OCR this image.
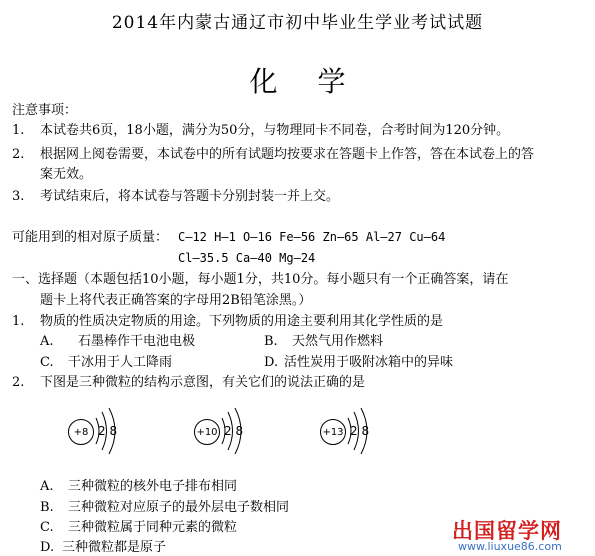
2014年内蒙古通辽市初中毕业生学业考试试题
化学
注意事项：
1. 本试卷共6页，18小题，满分为50分，与物理同卡不同卷，合考时间为120分钟。
2. 根据网上阅卷需要，本试卷中的所有试题均按要求在答题卡上作答，答在本试卷上的答
案无效。
3. 考试结束后，将本试卷与答题卡分别封装一并上交。
可能用到的相对原子质量： C—12 H—1 O—16 Fe—56 Zn—65 Al—27 Cu—64
Cl—35.5 Ca—40 Mg—24
一、选择题（本题包括10小题，每小题1分，共10分。每小题只有一个正确答案，请在
题卡上将代表正确答案的字母用2B铅笔涂黑。）
1. 物质的性质决定物质的用途。下列物质的用途主要利用其化学性质的是
A. 石墨棒作干电池电极	B. 天然气用作燃料
C. 干冰用于人工降雨	D. 活性炭用于吸附冰箱中的异味
2. 下图是三种微粒的结构示意图，有关它们的说法正确的是
+8 2 8	+10 2 8	+13 2 8
A. 三种微粒的核外电子排布相同
B. 三种微粒对应原子的最外层电子数相同
C. 三种微粒属于同种元素的微粒
D. 三种微粒都是原子
出国留学网
www.liuxue86.com
